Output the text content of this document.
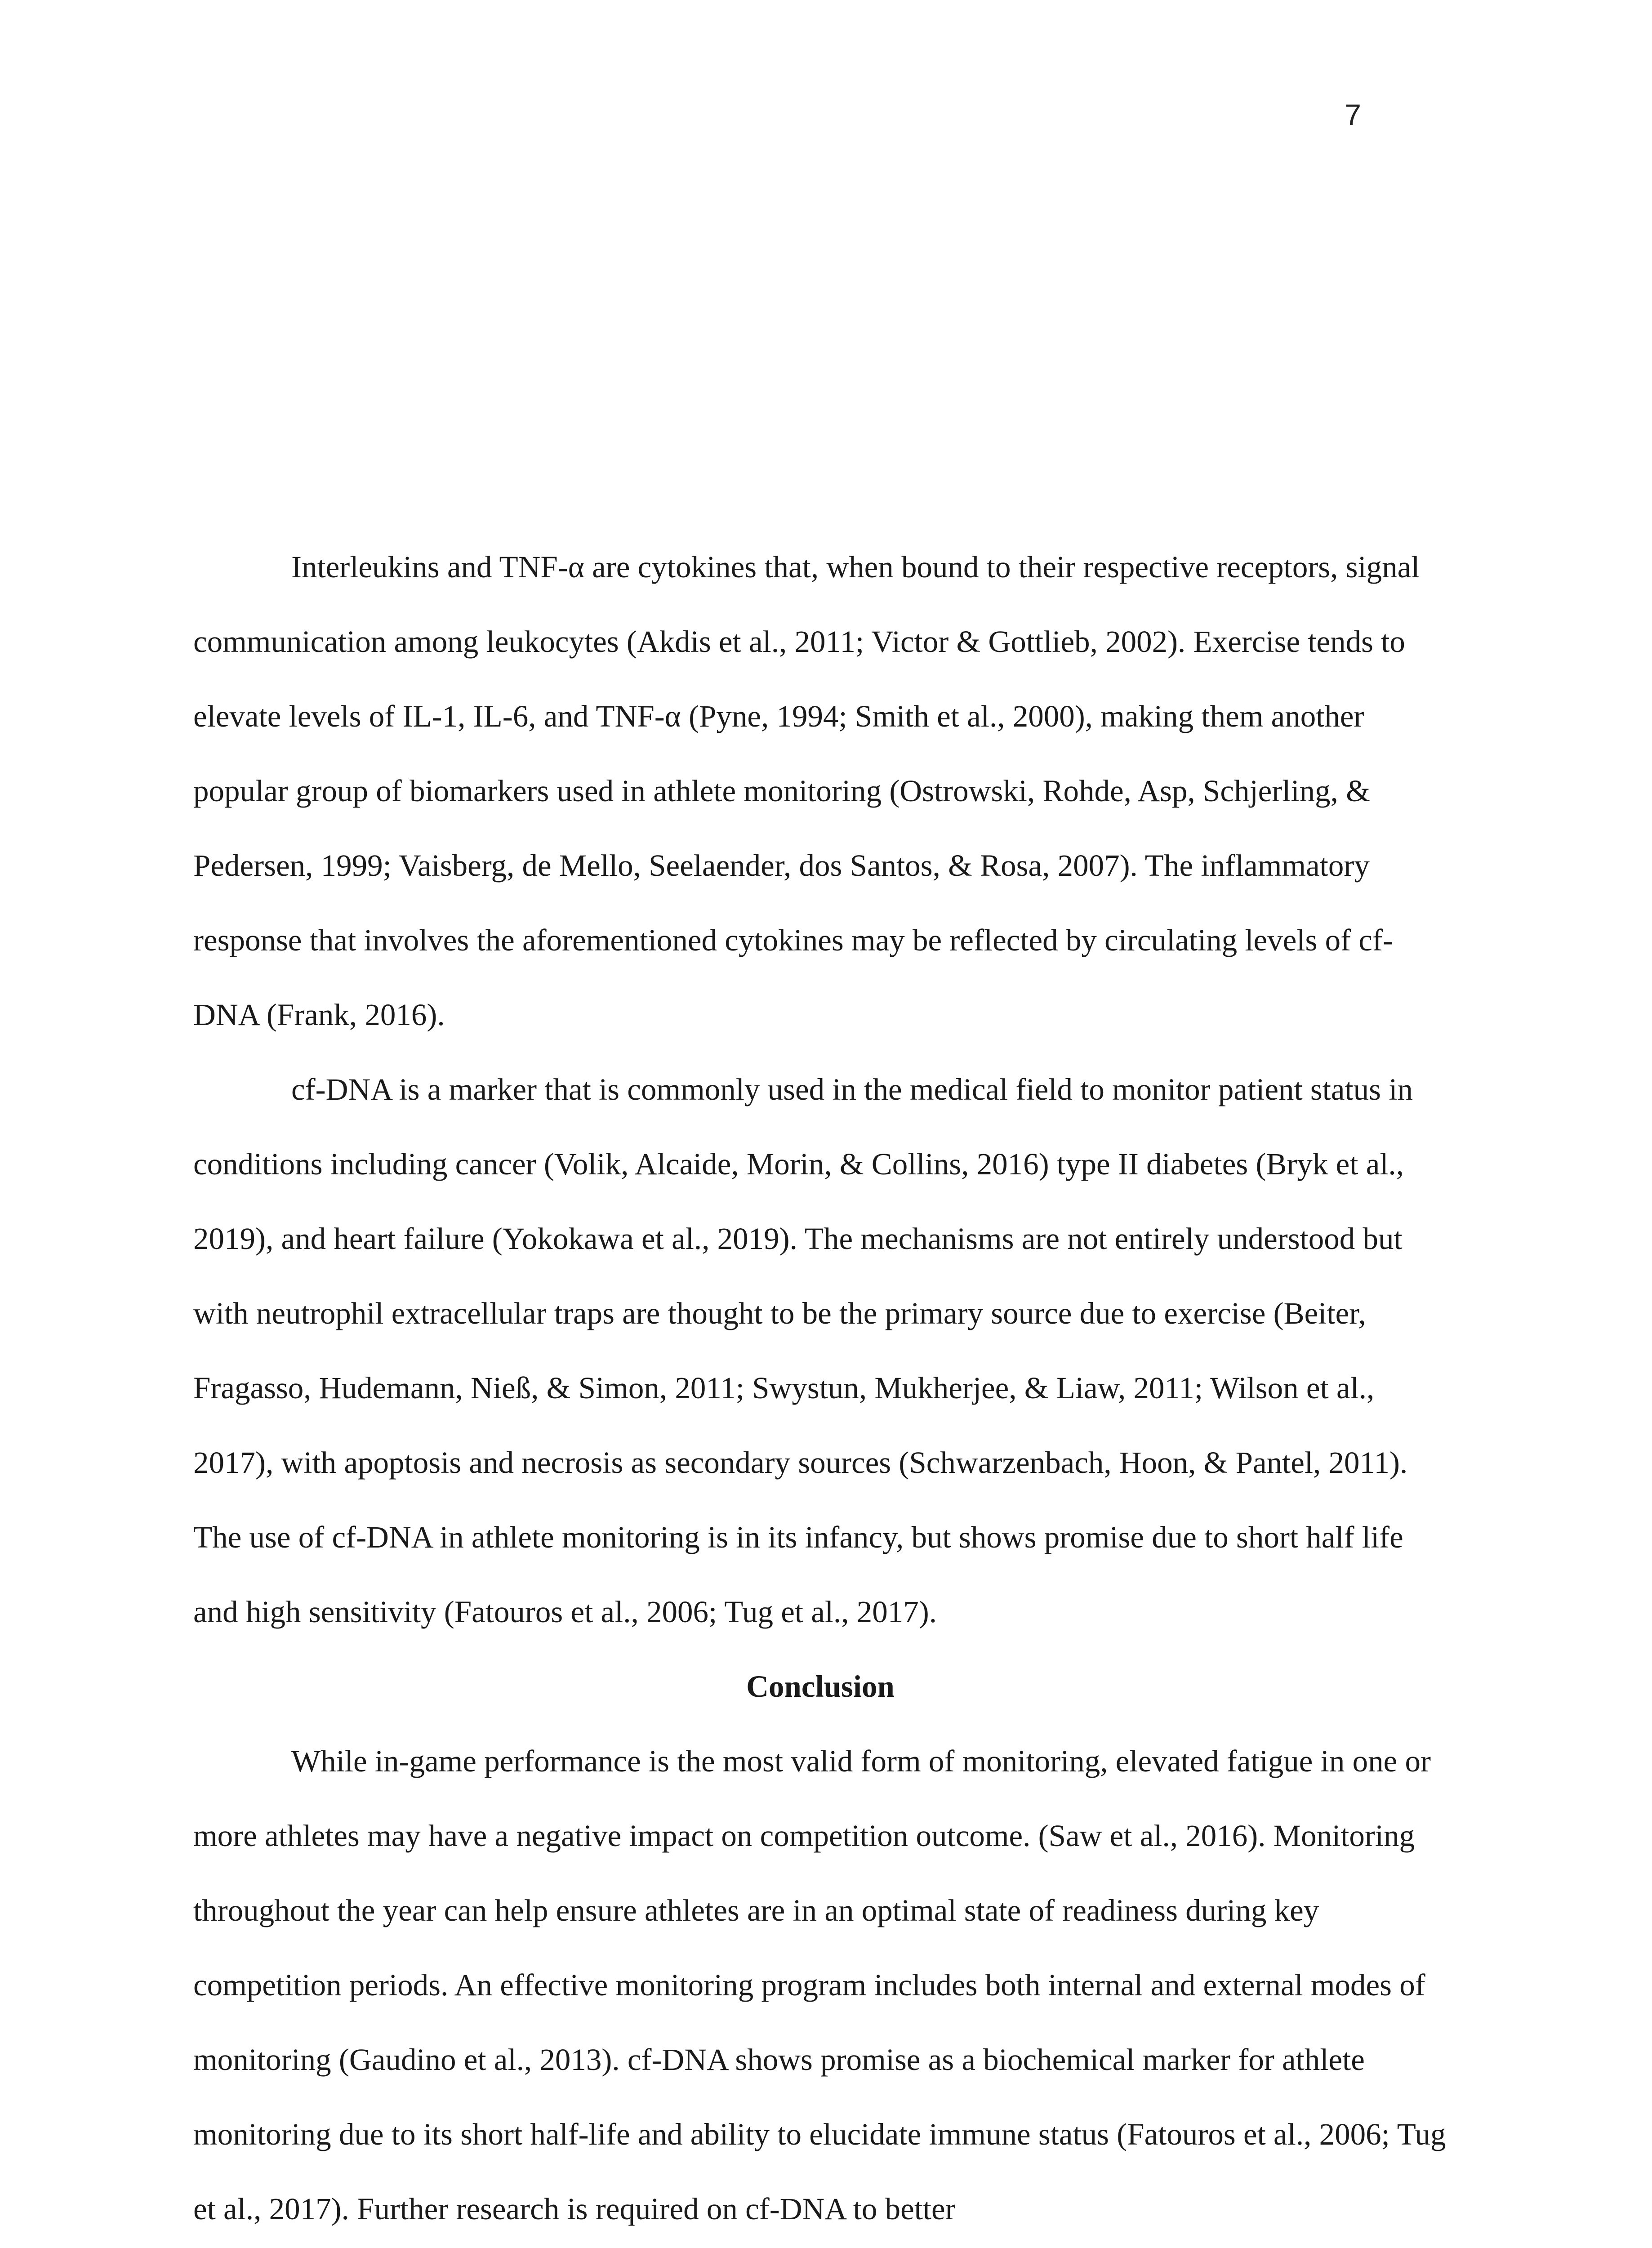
7

Interleukins and TNF-α are cytokines that, when bound to their respective receptors, signal communication among leukocytes (Akdis et al., 2011; Victor & Gottlieb, 2002). Exercise tends to elevate levels of IL-1, IL-6, and TNF-α (Pyne, 1994; Smith et al., 2000), making them another popular group of biomarkers used in athlete monitoring (Ostrowski, Rohde, Asp, Schjerling, & Pedersen, 1999; Vaisberg, de Mello, Seelaender, dos Santos, & Rosa, 2007). The inflammatory response that involves the aforementioned cytokines may be reflected by circulating levels of cf-DNA (Frank, 2016).

cf-DNA is a marker that is commonly used in the medical field to monitor patient status in conditions including cancer (Volik, Alcaide, Morin, & Collins, 2016) type II diabetes (Bryk et al., 2019), and heart failure (Yokokawa et al., 2019). The mechanisms are not entirely understood but with neutrophil extracellular traps are thought to be the primary source due to exercise (Beiter, Fragasso, Hudemann, Nieß, & Simon, 2011; Swystun, Mukherjee, & Liaw, 2011; Wilson et al., 2017), with apoptosis and necrosis as secondary sources (Schwarzenbach, Hoon, & Pantel, 2011). The use of cf-DNA in athlete monitoring is in its infancy, but shows promise due to short half life and high sensitivity (Fatouros et al., 2006; Tug et al., 2017).

Conclusion

While in-game performance is the most valid form of monitoring, elevated fatigue in one or more athletes may have a negative impact on competition outcome. (Saw et al., 2016). Monitoring throughout the year can help ensure athletes are in an optimal state of readiness during key competition periods. An effective monitoring program includes both internal and external modes of monitoring (Gaudino et al., 2013). cf-DNA shows promise as a biochemical marker for athlete monitoring due to its short half-life and ability to elucidate immune status (Fatouros et al., 2006; Tug et al., 2017). Further research is required on cf-DNA to better
